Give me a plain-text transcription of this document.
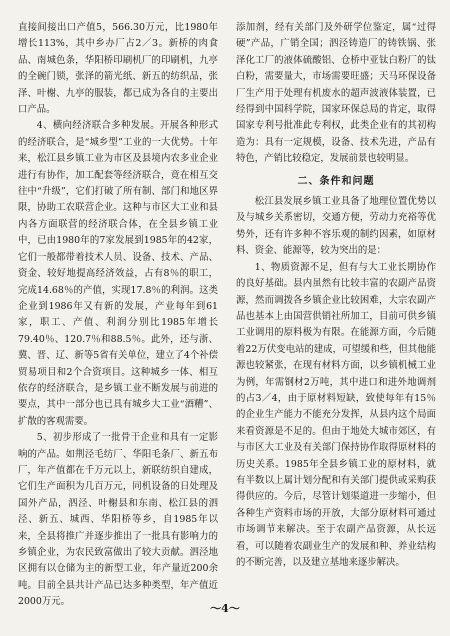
直接间接出口产值5，566.30万元，比1980年增长113%，其中乡办厂占2／3。新桥的肉食品、南城色条，华阳桥印刷机厂的印刷机，九亭的全碗门锁，张泽的箭光纸、新五的纺织品，张泽、叶榭、九亭的服装，都已成为各自的主要出口产品。

4、横向经济联合多种发展。开展各种形式的经济联合，是“城乡型”工业的一大优势。十年来，松江县乡镇工业为市区及县境内农多业企业进行有协作，加工配套等经济联合，竟在相互交往中“升级”，它们打破了所有制、部门和地区界限，协助工农联营企业。这种与市区大工业和县内各方面联营的经济联合体，在全县乡镇工业中，已由1980年的7家发展到1985年的42家，它们一般都带着技术人员、设备、技术、产品、资金、较好地提高经济效益，占有8％的职工，完成14.68％的产值，实现17.8％的利润。这类企业到1986年又有新的发展，产业每年到61家，职工、产值、利润分别比1985年增长79.40％、120.7％和88.5％。此外，还与浙、冀、晋、辽、新等5省有关单位，建立了4个补偿贸易项目和2个合资项目。这种城乡一体、相互依存的经济联合，是乡镇工业不断发展与前进的要点，其中一部分也已具有城乡大工业“酒糟”、扩散的客观需要。

5、初步形成了一批骨干企业和具有一定影响的产品。如荆泾毛纺厂、华阳毛条厂、新五布厂，年产值都在千万元以上，新联纺织自建成，它们生产面积为几百万元，同机设备的日处理及国外产品，泗泾、叶榭县和东南、松江县的泗泾、新五、城西、华阳桥等乡，自1985年以来，全县将推广并逐步推出了一批具有影响力的乡镇企业，为农民致富做出了较大贡献。泗泾地区拥有以仓储为主的新型工业，年产量近200余吨。目前全县共计产品已达多种类型，年产值近2000万元。

添加剂，经有关部门及外研学位鉴定，属“过得硬”产品，广销全国；泗泾铸造厂的铸铁锅、张泽化工厂的液体硫酸铝、仓桥中亚钛白粉厂的钛白粉，需要量大，市场需要旺盛；天马环保设备厂生产用于处理有机废水的超声波液体装置，已经得到中国科学院，国家环保总局的肯定，取得国家专利号批准此专利权，此类企业有的其初构造为：具有一定规模，设备、技术先进，产品有特色，产销比较稳定，发展前景也较明显。

二、条件和问题

松江县发展乡镇工业具备了地理位置优势以及与城乡关系密切，交通方便，劳动力充裕等优势外，还有许多种不容乐观的制约因素，如原材料、资金、能源等，较为突出的是：

1、物质资源不足，但有与大工业长期协作的良好基础。县内虽然有比较丰富的农副产品资源，然而调拨各乡镇企业比较困难，大宗农副产品也基本上由国营供销社所加工，目前可供乡镇工业调用的原料极为有限。在能源方面，今后随着22万伏变电站的建成，可望缓和些，但其他能源也较紧张，在现有材料方面，以乡镇机械工业为例，年需钢材2万吨，其中进口和进外地调剂的占3／4，由于原材料短缺，致使每年有15％的企业生产能力不能充分发挥，从县内这个局面来看资源是不足的。但由于地处大城市郊区，有与市区大工业及有关部门保持协作取得原材料的历史关系。1985年全县乡镇工业的原材料，就有半数以上属计划分配和有关部门提供或采购获得供应的。今后，尽管计划渠道进一步缩小，但各种生产资料市场的开放，大部分原材料可通过市场调节来解决。至于农副产品资源，从长远看，可以随着农副业生产的发展和种、养业结构的不断完善，以及建立基地来逐步解决。

～4～
